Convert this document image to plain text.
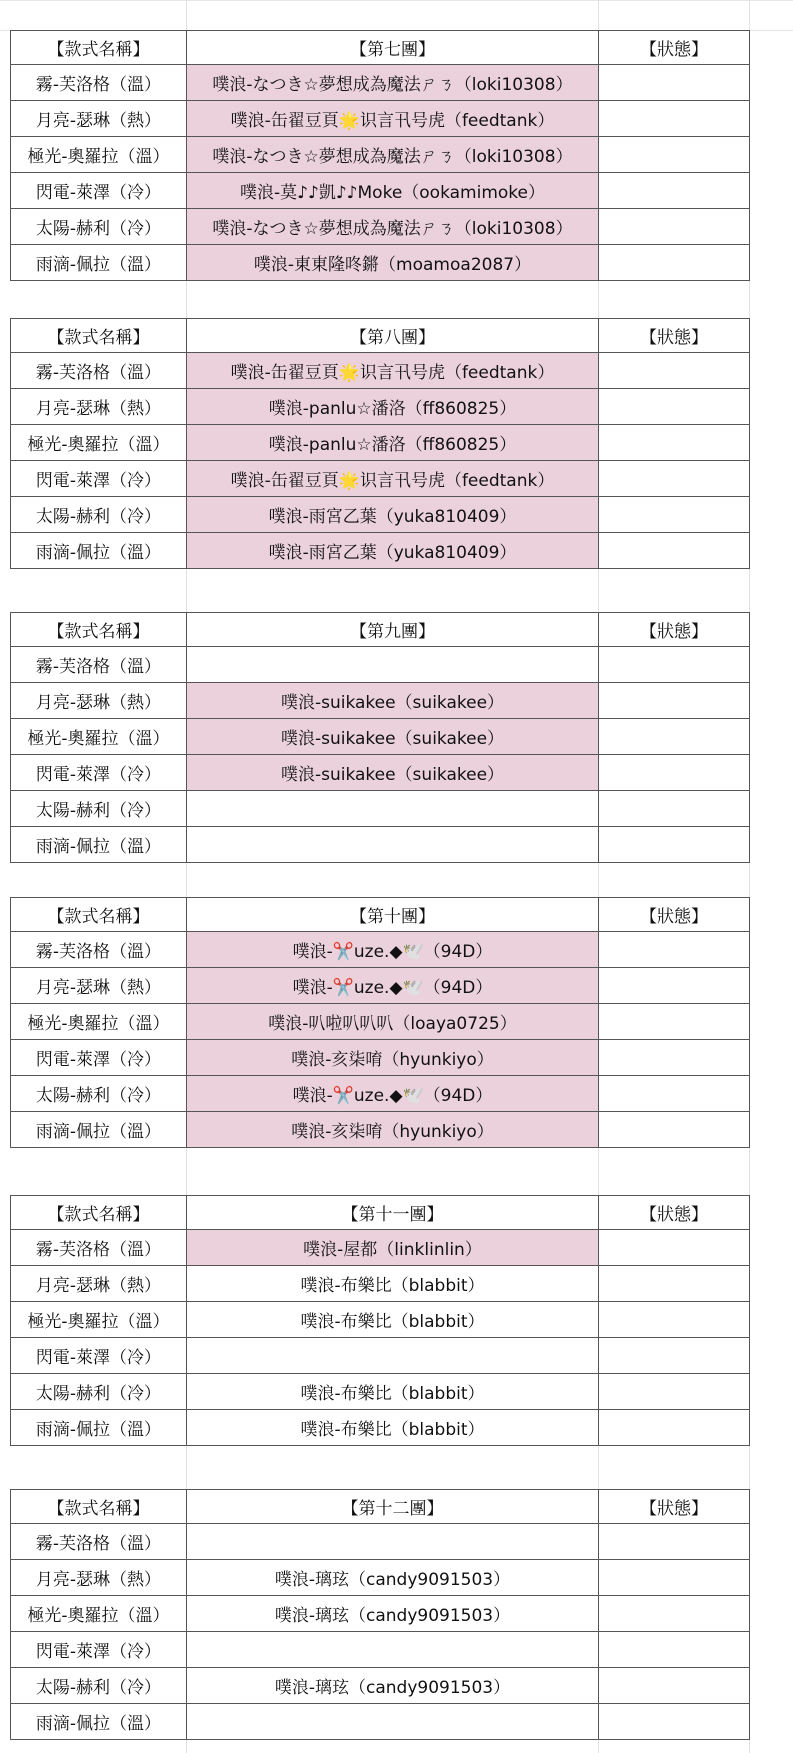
【款式名稱】	【第七團】	【狀態】
霧-芙洛格（溫）	噗浪-なつき☆夢想成為魔法ㄕㄋ（loki10308）	
月亮-瑟琳（熱）	噗浪-缶翟豆頁🌟识言卂号虎（feedtank）	
極光-奧羅拉（溫）	噗浪-なつき☆夢想成為魔法ㄕㄋ（loki10308）	
閃電-萊澤（冷）	噗浪-莫♪♪凱♪♪Moke（ookamimoke）	
太陽-赫利（冷）	噗浪-なつき☆夢想成為魔法ㄕㄋ（loki10308）	
雨滴-佩拉（溫）	噗浪-東東隆咚鏘（moamoa2087）	
【款式名稱】	【第八團】	【狀態】
霧-芙洛格（溫）	噗浪-缶翟豆頁🌟识言卂号虎（feedtank）	
月亮-瑟琳（熱）	噗浪-panlu☆潘洛（ff860825）	
極光-奧羅拉（溫）	噗浪-panlu☆潘洛（ff860825）	
閃電-萊澤（冷）	噗浪-缶翟豆頁🌟识言卂号虎（feedtank）	
太陽-赫利（冷）	噗浪-雨宮乙葉（yuka810409）	
雨滴-佩拉（溫）	噗浪-雨宮乙葉（yuka810409）	
【款式名稱】	【第九團】	【狀態】
霧-芙洛格（溫）		
月亮-瑟琳（熱）	噗浪-suikakee（suikakee）	
極光-奧羅拉（溫）	噗浪-suikakee（suikakee）	
閃電-萊澤（冷）	噗浪-suikakee（suikakee）	
太陽-赫利（冷）		
雨滴-佩拉（溫）		
【款式名稱】	【第十團】	【狀態】
霧-芙洛格（溫）	噗浪-✂️uze.◆🕊️（94D）	
月亮-瑟琳（熱）	噗浪-✂️uze.◆🕊️（94D）	
極光-奧羅拉（溫）	噗浪-叭啦叭叭叭（loaya0725）	
閃電-萊澤（冷）	噗浪-亥柒唷（hyunkiyo）	
太陽-赫利（冷）	噗浪-✂️uze.◆🕊️（94D）	
雨滴-佩拉（溫）	噗浪-亥柒唷（hyunkiyo）	
【款式名稱】	【第十一團】	【狀態】
霧-芙洛格（溫）	噗浪-屋都（linklinlin）	
月亮-瑟琳（熱）	噗浪-布樂比（blabbit）	
極光-奧羅拉（溫）	噗浪-布樂比（blabbit）	
閃電-萊澤（冷）		
太陽-赫利（冷）	噗浪-布樂比（blabbit）	
雨滴-佩拉（溫）	噗浪-布樂比（blabbit）	
【款式名稱】	【第十二團】	【狀態】
霧-芙洛格（溫）		
月亮-瑟琳（熱）	噗浪-璃玹（candy9091503）	
極光-奧羅拉（溫）	噗浪-璃玹（candy9091503）	
閃電-萊澤（冷）		
太陽-赫利（冷）	噗浪-璃玹（candy9091503）	
雨滴-佩拉（溫）		
